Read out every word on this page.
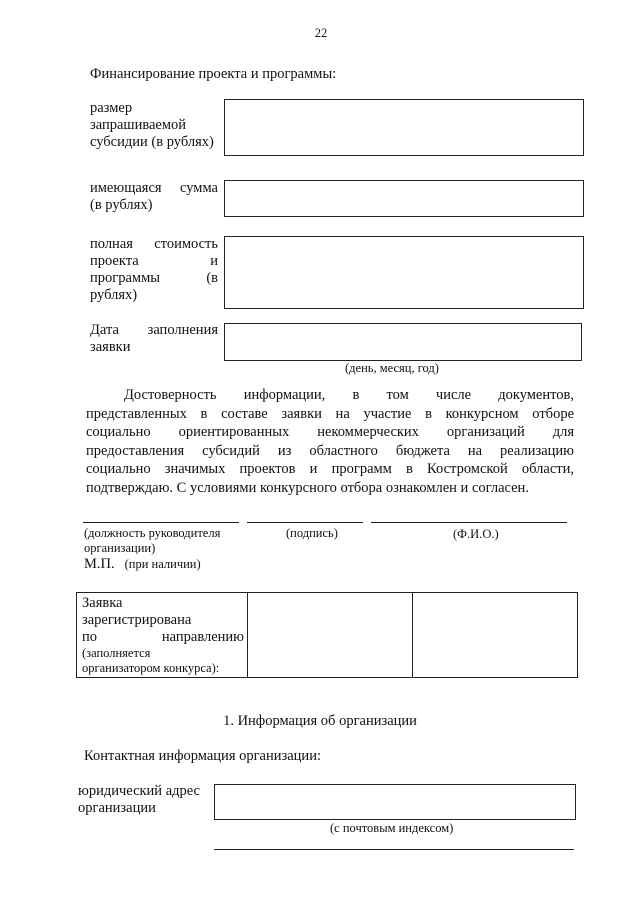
22
Финансирование проекта и программы:
размер
запрашиваемой
субсидии (в рублях)
имеющаяся сумма
(в рублях)
полная стоимость
проекта и
программы (в
рублях)
Дата заполнения
заявки
(день, месяц, год)
Достоверность информации, в том числе документов,
представленных в составе заявки на участие в конкурсном отборе
социально ориентированных некоммерческих организаций для
предоставления субсидий из областного бюджета на реализацию
социально значимых проектов и программ в Костромской области,
подтверждаю. С условиями конкурсного отбора ознакомлен и согласен.
(должность руководителя
организации)
(подпись)	(Ф.И.О.)
М.П. (при наличии)
Заявка
зарегистрирована
по направлению
(заполняется
организатором конкурса):
1. Информация об организации
Контактная информация организации:
юридический адрес
организации
(с почтовым индексом)
